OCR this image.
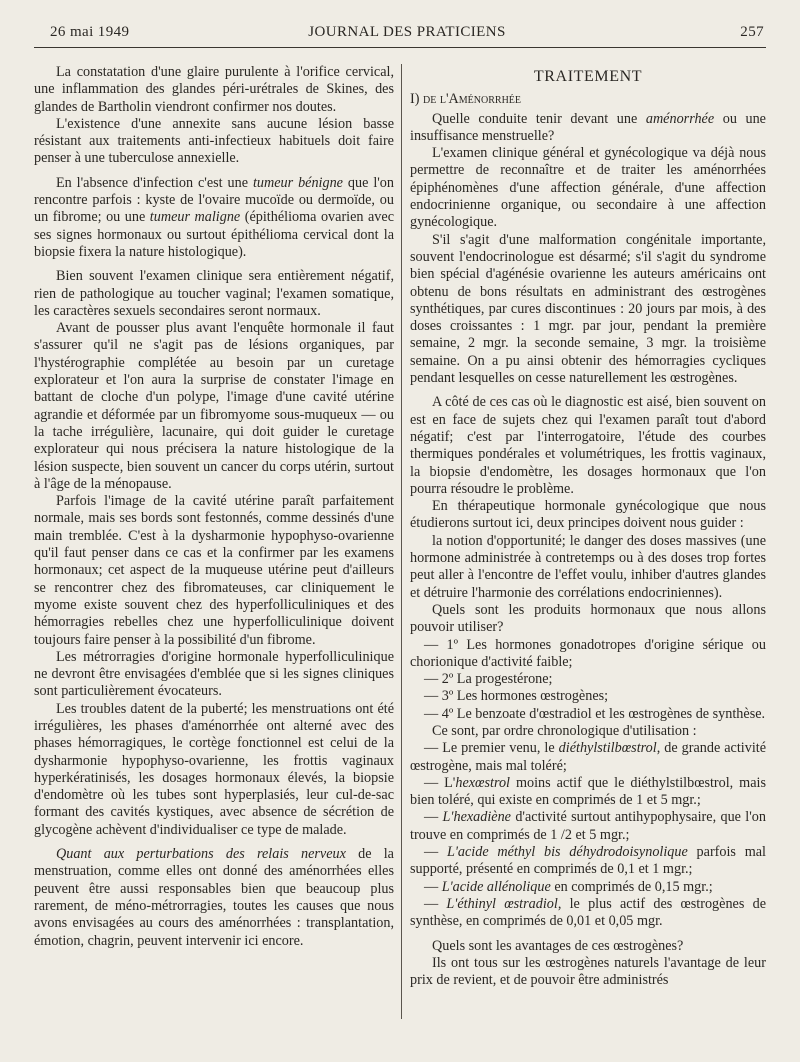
26 mai 1949	JOURNAL DES PRATICIENS	257

La constatation d'une glaire purulente à l'orifice cervical, une inflammation des glandes péri-urétrales de Skines, des glandes de Bartholin viendront confirmer nos doutes.

L'existence d'une annexite sans aucune lésion basse résistant aux traitements anti-infectieux habituels doit faire penser à une tuberculose annexielle.

En l'absence d'infection c'est une tumeur bénigne que l'on rencontre parfois : kyste de l'ovaire mucoïde ou dermoïde, ou un fibrome; ou une tumeur maligne (épithélioma ovarien avec ses signes hormonaux ou surtout épithélioma cervical dont la biopsie fixera la nature histologique).

Bien souvent l'examen clinique sera entièrement négatif, rien de pathologique au toucher vaginal; l'examen somatique, les caractères sexuels secondaires seront normaux.

Avant de pousser plus avant l'enquête hormonale il faut s'assurer qu'il ne s'agit pas de lésions organiques, par l'hystérographie complétée au besoin par un curetage explorateur et l'on aura la surprise de constater l'image en battant de cloche d'un polype, l'image d'une cavité utérine agrandie et déformée par un fibromyome sous-muqueux — ou la tache irrégulière, lacunaire, qui doit guider le curetage explorateur qui nous précisera la nature histologique de la lésion suspecte, bien souvent un cancer du corps utérin, surtout à l'âge de la ménopause.

Parfois l'image de la cavité utérine paraît parfaitement normale, mais ses bords sont festonnés, comme dessinés d'une main tremblée. C'est à la dysharmonie hypophyso-ovarienne qu'il faut penser dans ce cas et la confirmer par les examens hormonaux; cet aspect de la muqueuse utérine peut d'ailleurs se rencontrer chez des fibromateuses, car cliniquement le myome existe souvent chez des hyperfolliculiniques et des hémorragies rebelles chez une hyperfolliculinique doivent toujours faire penser à la possibilité d'un fibrome.

Les métrorragies d'origine hormonale hyperfolliculinique ne devront être envisagées d'emblée que si les signes cliniques sont particulièrement évocateurs.

Les troubles datent de la puberté; les menstruations ont été irrégulières, les phases d'aménorrhée ont alterné avec des phases hémorragiques, le cortège fonctionnel est celui de la dysharmonie hypophyso-ovarienne, les frottis vaginaux hyperkératinisés, les dosages hormonaux élevés, la biopsie d'endomètre où les tubes sont hyperplasiés, leur cul-de-sac formant des cavités kystiques, avec absence de sécrétion de glycogène achèvent d'individualiser ce type de malade.

Quant aux perturbations des relais nerveux de la menstruation, comme elles ont donné des aménorrhées elles peuvent être aussi responsables bien que beaucoup plus rarement, de méno-métrorragies, toutes les causes que nous avons envisagées au cours des aménorrhées : transplantation, émotion, chagrin, peuvent intervenir ici encore.

TRAITEMENT
I) de l'Aménorrhée

Quelle conduite tenir devant une aménorrhée ou une insuffisance menstruelle?

L'examen clinique général et gynécologique va déjà nous permettre de reconnaître et de traiter les aménorrhées épiphénomènes d'une affection générale, d'une affection endocrinienne organique, ou secondaire à une affection gynécologique.

S'il s'agit d'une malformation congénitale importante, souvent l'endocrinologue est désarmé; s'il s'agit du syndrome bien spécial d'agénésie ovarienne les auteurs américains ont obtenu de bons résultats en administrant des œstrogènes synthétiques, par cures discontinues : 20 jours par mois, à des doses croissantes : 1 mgr. par jour, pendant la première semaine, 2 mgr. la seconde semaine, 3 mgr. la troisième semaine. On a pu ainsi obtenir des hémorragies cycliques pendant lesquelles on cesse naturellement les œstrogènes.

A côté de ces cas où le diagnostic est aisé, bien souvent on est en face de sujets chez qui l'examen paraît tout d'abord négatif; c'est par l'interrogatoire, l'étude des courbes thermiques pondérales et volumétriques, les frottis vaginaux, la biopsie d'endomètre, les dosages hormonaux que l'on pourra résoudre le problème.

En thérapeutique hormonale gynécologique que nous étudierons surtout ici, deux principes doivent nous guider :

la notion d'opportunité; le danger des doses massives (une hormone administrée à contretemps ou à des doses trop fortes peut aller à l'encontre de l'effet voulu, inhiber d'autres glandes et détruire l'harmonie des corrélations endocriniennes).

Quels sont les produits hormonaux que nous allons pouvoir utiliser?

— 1º Les hormones gonadotropes d'origine sérique ou chorionique d'activité faible;

— 2º La progestérone;

— 3º Les hormones œstrogènes;

— 4º Le benzoate d'œstradiol et les œstrogènes de synthèse.

Ce sont, par ordre chronologique d'utilisation :

— Le premier venu, le diéthylstilbœstrol, de grande activité œstrogène, mais mal toléré;

— L'hexœstrol moins actif que le diéthylstilbœstrol, mais bien toléré, qui existe en comprimés de 1 et 5 mgr.;

— L'hexadiène d'activité surtout antihypophysaire, que l'on trouve en comprimés de 1 /2 et 5 mgr.;

— L'acide méthyl bis déhydrodoisynolique parfois mal supporté, présenté en comprimés de 0,1 et 1 mgr.;

— L'acide allénolique en comprimés de 0,15 mgr.;

— L'éthinyl œstradiol, le plus actif des œstrogènes de synthèse, en comprimés de 0,01 et 0,05 mgr.

Quels sont les avantages de ces œstrogènes?

Ils ont tous sur les œstrogènes naturels l'avantage de leur prix de revient, et de pouvoir être administrés
